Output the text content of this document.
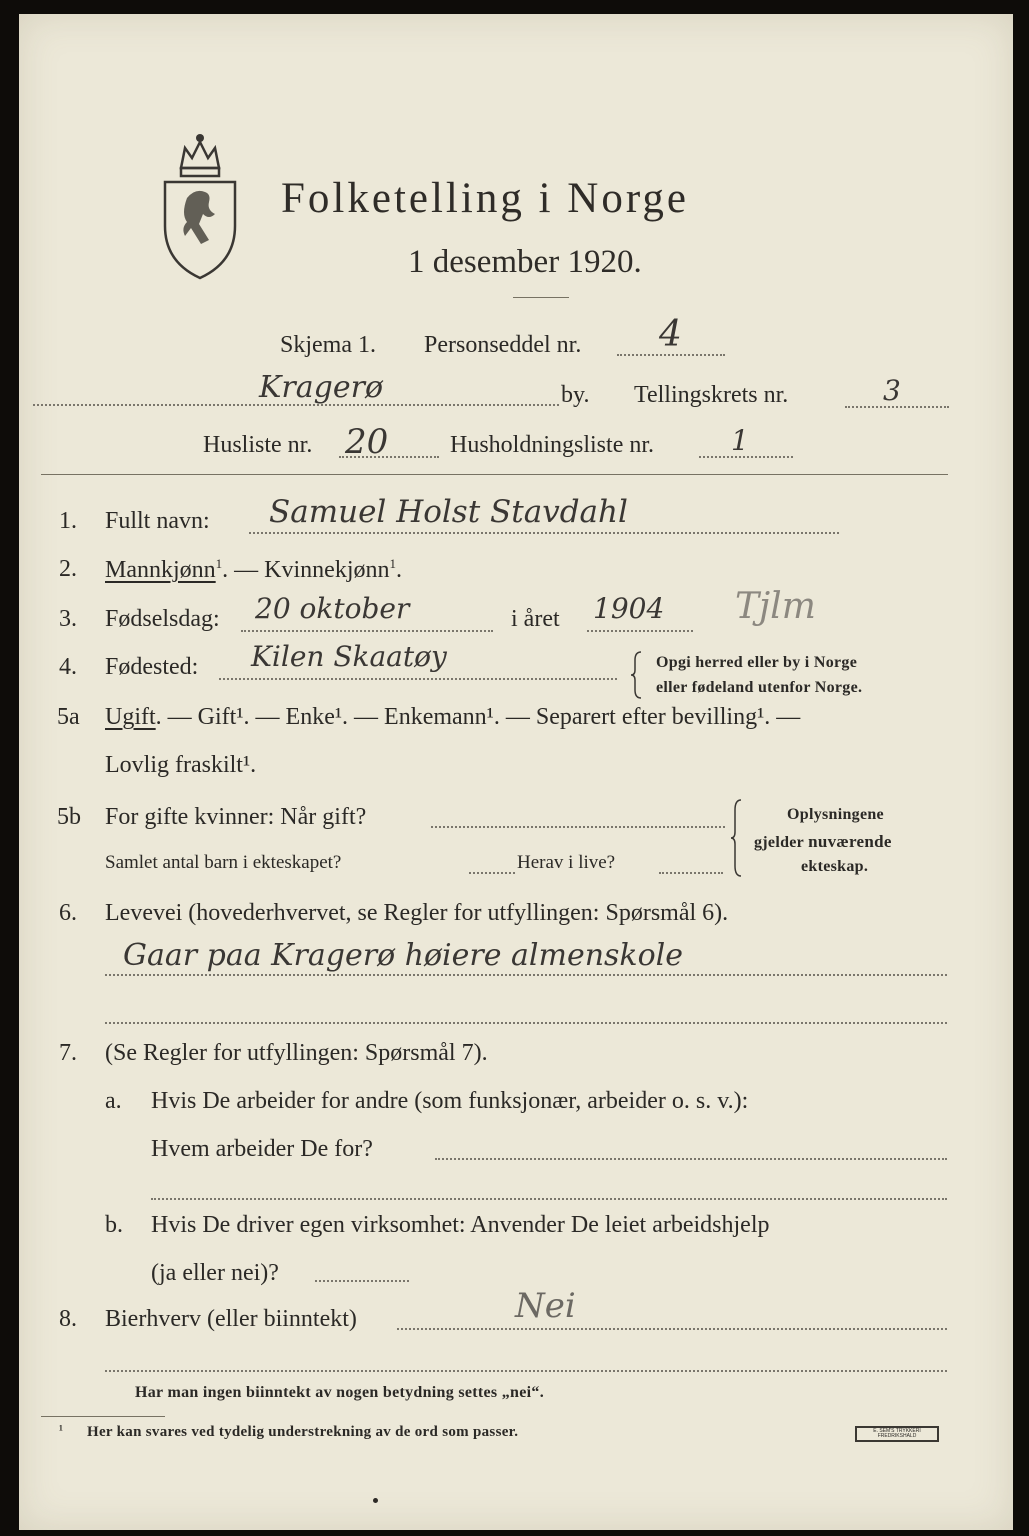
Folketelling i Norge
1 desember 1920.
Skjema 1. Personseddel nr. 4
Kragerø	by. Tellingskrets nr.	3
Husliste nr. 20	Husholdningsliste nr.	1
1. Fullt navn: Samuel Holst Stavdahl
2. Mannkjønn$^1$. — Kvinnekjønn$^1$.
3. Fødselsdag: 20 oktober	i året 1904 Tjlm
4. Fødested: Kilen Skaatøy	Opgi herred eller by i Norge
eller fødeland utenfor Norge.
5a Ugift. — Gift¹. — Enke¹. — Enkemann¹. — Separert efter bevilling¹. —
Lovlig fraskilt¹.
5b For gifte kvinner: Når gift?
Samlet antal barn i ekteskapet?	Herav i live?
Oplysningene
gjelder nuværende
ekteskap.
6. Levevei (hovederhvervet, se Regler for utfyllingen: Spørsmål 6).
Gaar paa Kragerø høiere almenskole
7. (Se Regler for utfyllingen: Spørsmål 7).
a. Hvis De arbeider for andre (som funksjonær, arbeider o. s. v.):
Hvem arbeider De for?
b. Hvis De driver egen virksomhet: Anvender De leiet arbeidshjelp
(ja eller nei)?
8. Bierhverv (eller biinntekt)	Nei
Har man ingen biinntekt av nogen betydning settes „nei“.
¹ Her kan svares ved tydelig understrekning av de ord som passer.	E. SEM'S TRYKKERI
FREDRIKSHALD
